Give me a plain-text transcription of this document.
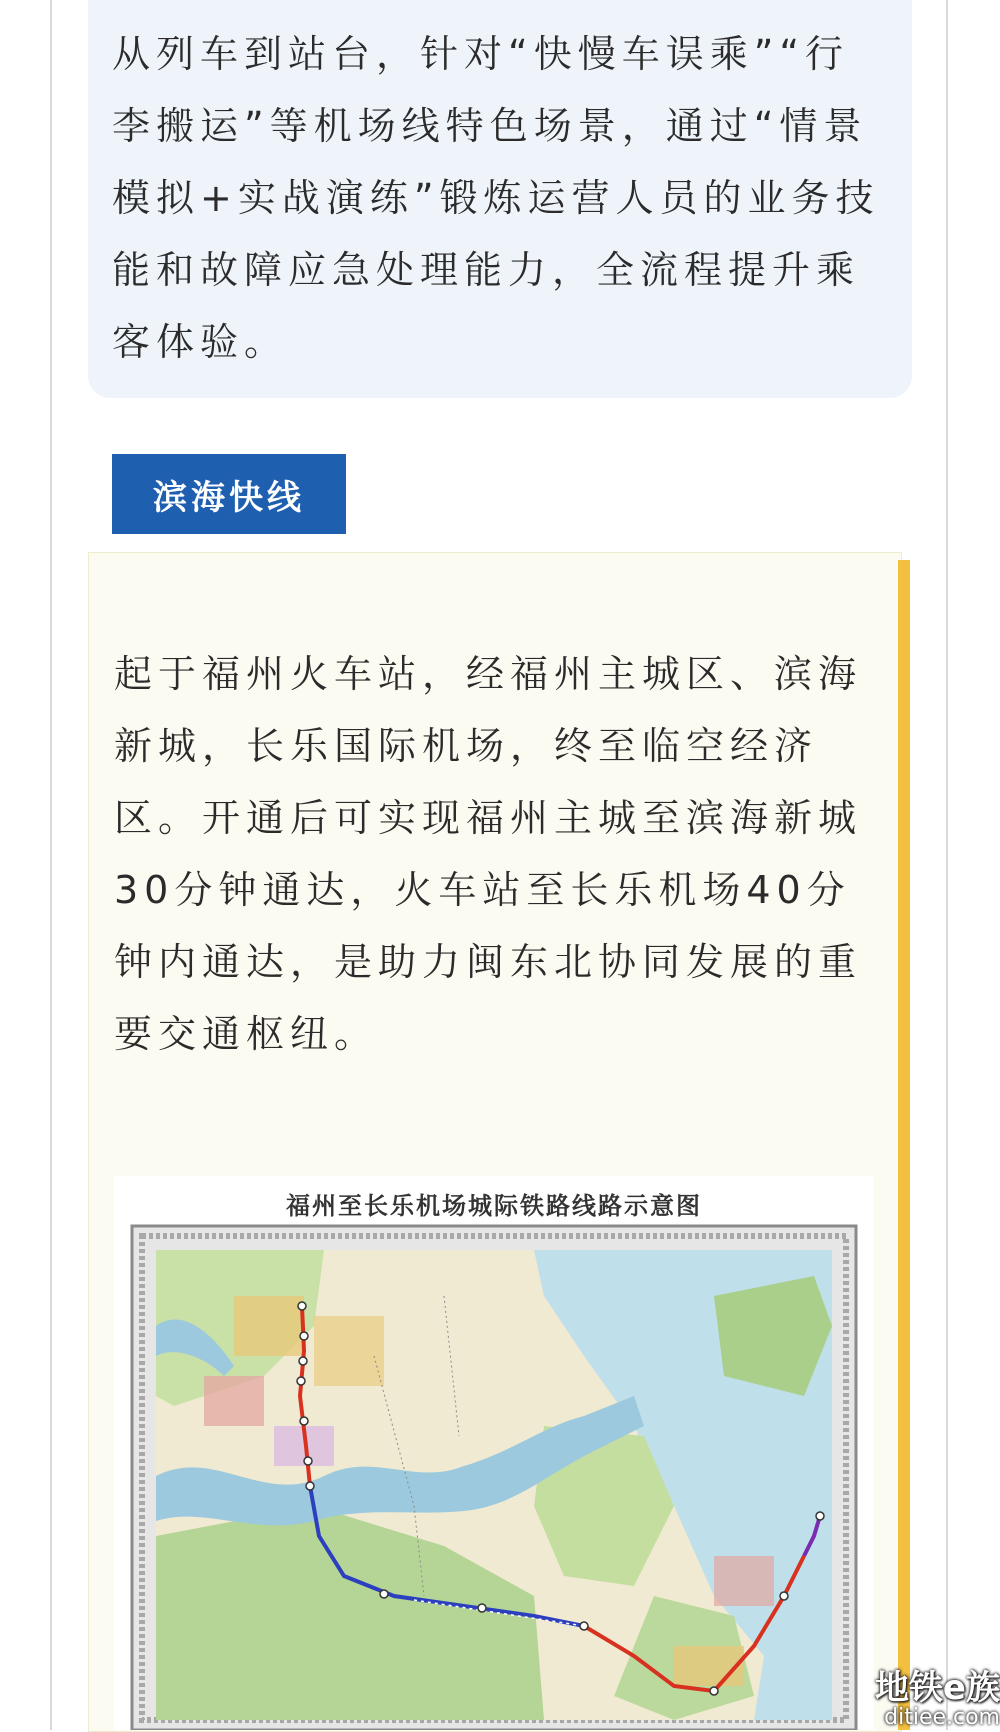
从列车到站台，针对“快慢车误乘”“行李搬运”等机场线特色场景，通过“情景模拟+实战演练”锻炼运营人员的业务技能和故障应急处理能力，全流程提升乘客体验。
滨海快线
起于福州火车站，经福州主城区、滨海新城，长乐国际机场，终至临空经济区。开通后可实现福州主城至滨海新城30分钟通达，火车站至长乐机场40分钟内通达，是助力闽东北协同发展的重要交通枢纽。
福州至长乐机场城际铁路线路示意图
地铁e族
ditiee.com
